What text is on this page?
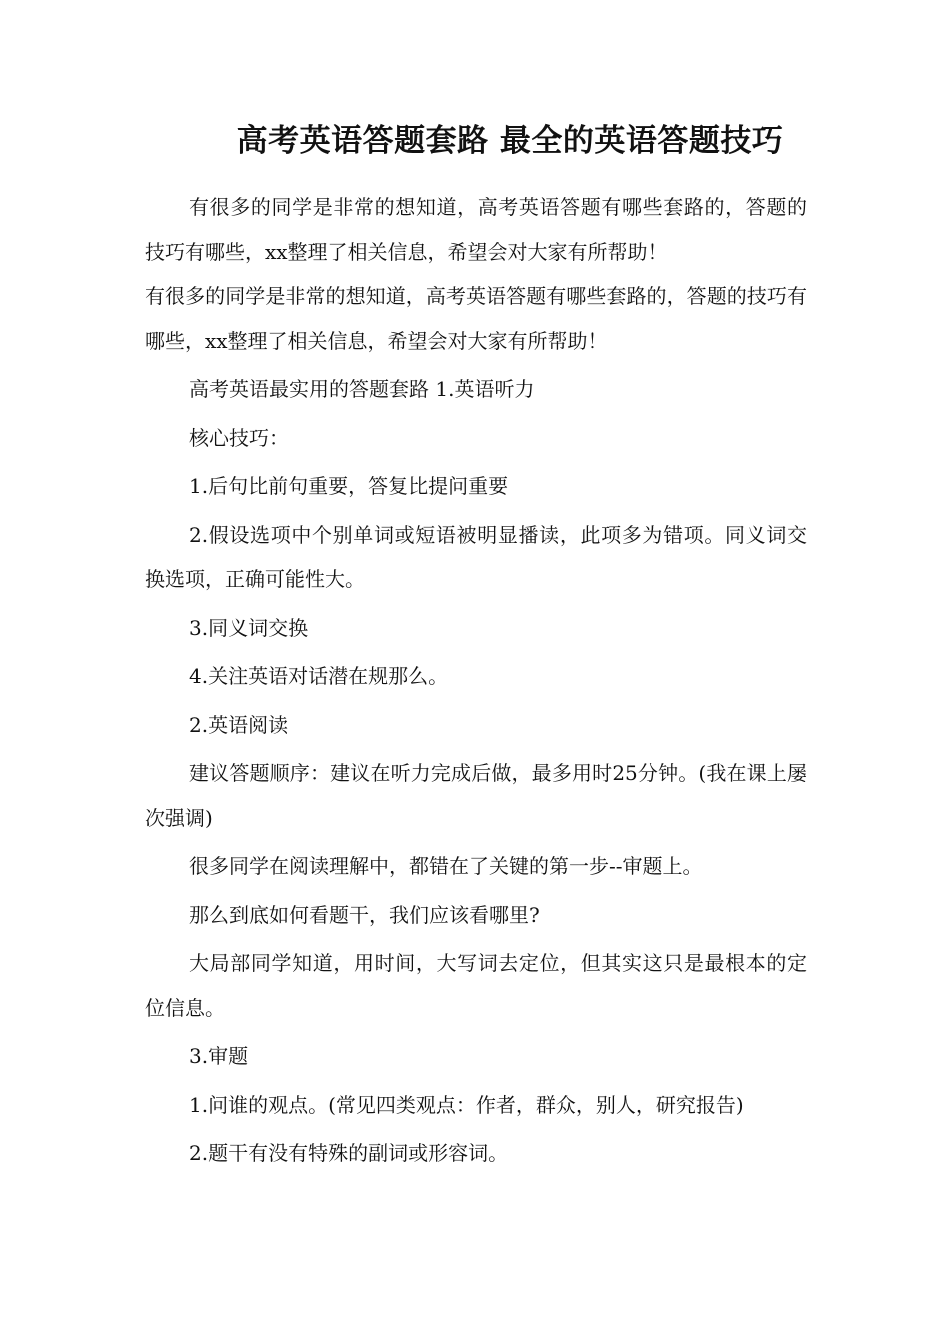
高考英语答题套路 最全的英语答题技巧

有很多的同学是非常的想知道，高考英语答题有哪些套路的，答题的技巧有哪些，xx整理了相关信息，希望会对大家有所帮助！

有很多的同学是非常的想知道，高考英语答题有哪些套路的，答题的技巧有哪些，xx整理了相关信息，希望会对大家有所帮助！

高考英语最实用的答题套路 1.英语听力

核心技巧：

1.后句比前句重要，答复比提问重要

2.假设选项中个别单词或短语被明显播读，此项多为错项。同义词交换选项，正确可能性大。

3.同义词交换

4.关注英语对话潜在规那么。

2.英语阅读

建议答题顺序：建议在听力完成后做，最多用时25分钟。(我在课上屡次强调)

很多同学在阅读理解中，都错在了关键的第一步--审题上。

那么到底如何看题干，我们应该看哪里?

大局部同学知道，用时间，大写词去定位，但其实这只是最根本的定位信息。

3.审题

1.问谁的观点。(常见四类观点：作者，群众，别人，研究报告)

2.题干有没有特殊的副词或形容词。
